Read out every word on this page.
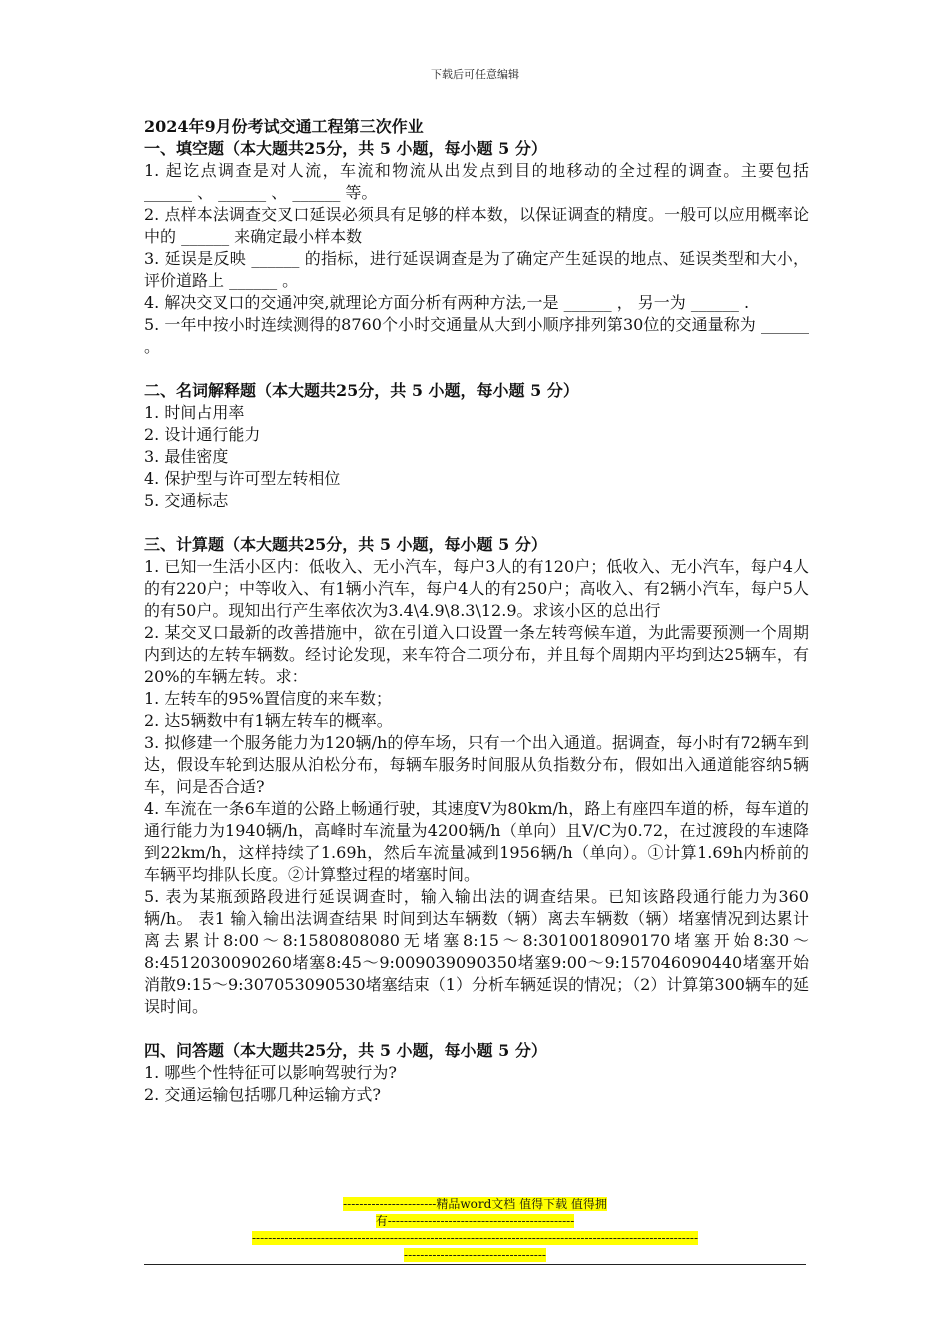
下载后可任意编辑

2024年9月份考试交通工程第三次作业

一、填空题（本大题共25分，共 5 小题，每小题 5 分）

1. 起讫点调查是对人流，车流和物流从出发点到目的地移动的全过程的调查。主要包括 ______ 、 ______ 、 ______ 等。

2. 点样本法调查交叉口延误必须具有足够的样本数，以保证调查的精度。一般可以应用概率论中的 ______ 来确定最小样本数

3. 延误是反映 ______ 的指标，进行延误调查是为了确定产生延误的地点、延误类型和大小，评价道路上 ______ 。

4. 解决交叉口的交通冲突,就理论方面分析有两种方法,一是 ______ ， 另一为 ______ .

5. 一年中按小时连续测得的8760个小时交通量从大到小顺序排列第30位的交通量称为 ______ 。

二、名词解释题（本大题共25分，共 5 小题，每小题 5 分）

1. 时间占用率

2. 设计通行能力

3. 最佳密度

4. 保护型与许可型左转相位

5. 交通标志

三、计算题（本大题共25分，共 5 小题，每小题 5 分）

1. 已知一生活小区内：低收入、无小汽车，每户3人的有120户；低收入、无小汽车，每户4人的有220户；中等收入、有1辆小汽车，每户4人的有250户；高收入、有2辆小汽车，每户5人的有50户。现知出行产生率依次为3.4\4.9\8.3\12.9。求该小区的总出行

2. 某交叉口最新的改善措施中，欲在引道入口设置一条左转弯候车道，为此需要预测一个周期内到达的左转车辆数。经讨论发现，来车符合二项分布，并且每个周期内平均到达25辆车，有20%的车辆左转。求：

1. 左转车的95%置信度的来车数；

2. 达5辆数中有1辆左转车的概率。

3. 拟修建一个服务能力为120辆/h的停车场，只有一个出入通道。据调查，每小时有72辆车到达，假设车轮到达服从泊松分布，每辆车服务时间服从负指数分布，假如出入通道能容纳5辆车，问是否合适?

4. 车流在一条6车道的公路上畅通行驶，其速度V为80km/h，路上有座四车道的桥，每车道的通行能力为1940辆/h，高峰时车流量为4200辆/h（单向）且V/C为0.72，在过渡段的车速降到22km/h，这样持续了1.69h，然后车流量减到1956辆/h（单向）。①计算1.69h内桥前的车辆平均排队长度。②计算整过程的堵塞时间。

5. 表为某瓶颈路段进行延误调查时，输入输出法的调查结果。已知该路段通行能力为360辆/h。 表1 输入输出法调查结果 时间到达车辆数（辆）离去车辆数（辆）堵塞情况到达累计离去累计8:00～8:1580808080无堵塞8:15～8:3010018090170堵塞开始8:30～8:4512030090260堵塞8:45～9:009039090350堵塞9:00～9:157046090440堵塞开始消散9:15～9:307053090530堵塞结束（1）分析车辆延误的情况；（2）计算第300辆车的延误时间。

四、问答题（本大题共25分，共 5 小题，每小题 5 分）

1. 哪些个性特征可以影响驾驶行为?

2. 交通运输包括哪几种运输方式?

-----------------------精品word文档 值得下载 值得拥
有----------------------------------------------
--------------------------------------------------------------------------------------------------------------
-----------------------------------
